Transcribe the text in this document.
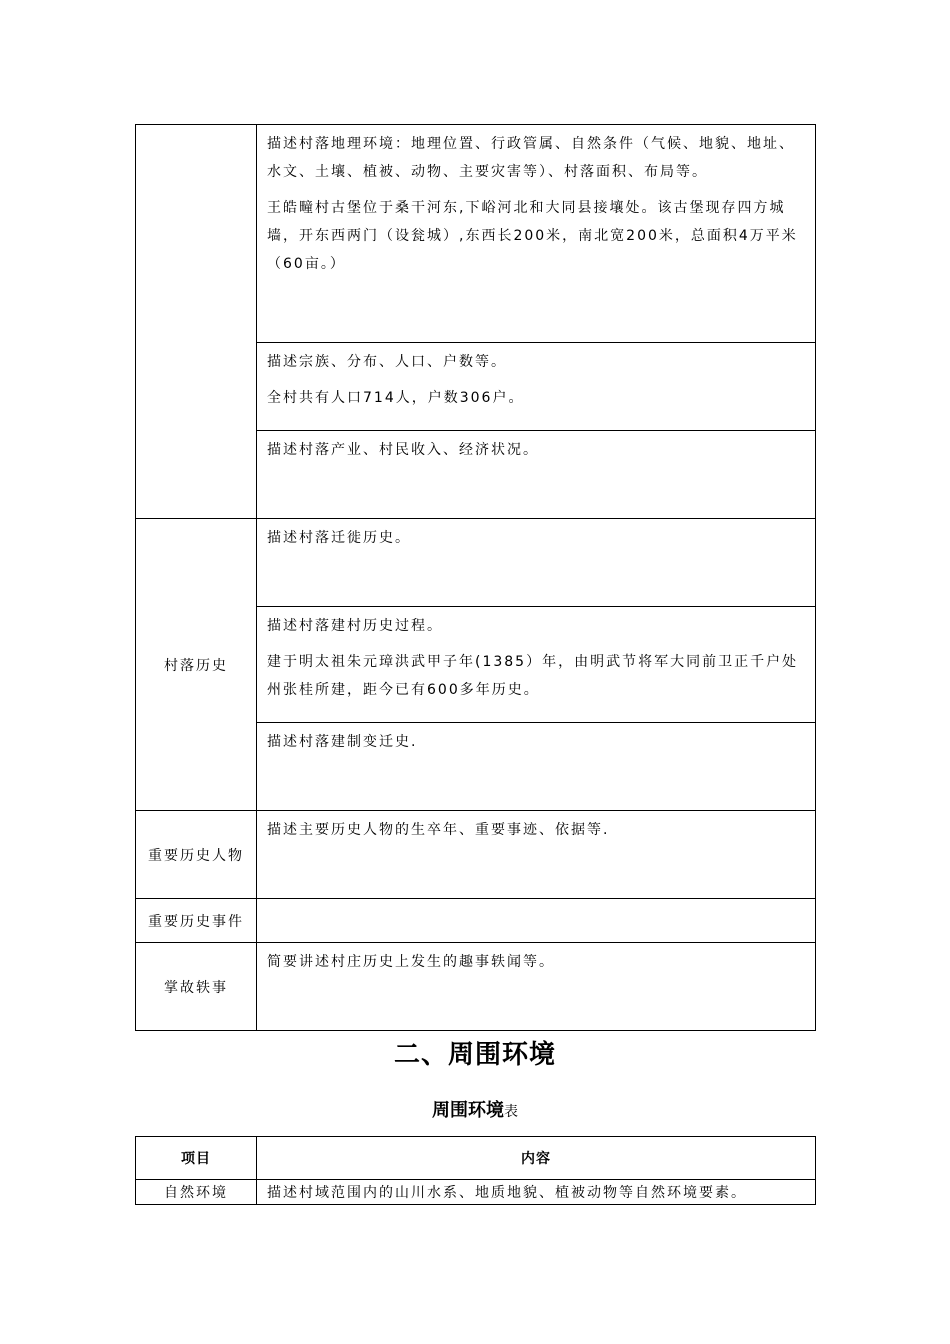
	描述村落地理环境：地理位置、行政管属、自然条件（气候、地貌、地址、水文、土壤、植被、动物、主要灾害等）、村落面积、布局等。

王皓疃村古堡位于桑干河东,下峪河北和大同县接壤处。该古堡现存四方城墙，开东西两门（设瓮城）,东西长200米，南北宽200米，总面积4万平米（60亩。）

	描述宗族、分布、人口、户数等。

全村共有人口714人，户数306户。

	描述村落产业、村民收入、经济状况。

村落历史	描述村落迁徙历史。

	描述村落建村历史过程。

建于明太祖朱元璋洪武甲子年(1385）年，由明武节将军大同前卫正千户处州张桂所建，距今已有600多年历史。

	描述村落建制变迁史.

重要历史人物	描述主要历史人物的生卒年、重要事迹、依据等.

重要历史事件	

掌故轶事	简要讲述村庄历史上发生的趣事轶闻等。

二、周围环境
周围环境表
项目	内容
自然环境	描述村域范围内的山川水系、地质地貌、植被动物等自然环境要素。
